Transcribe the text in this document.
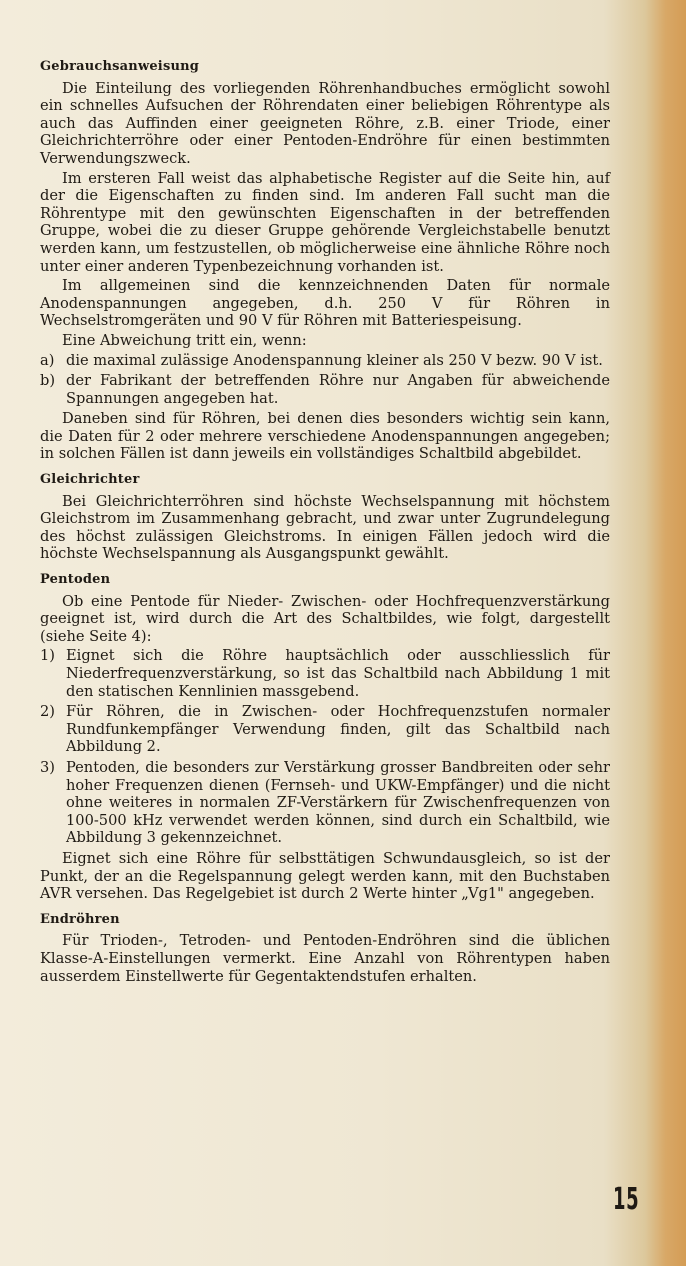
Gebrauchsanweisung

Die Einteilung des vorliegenden Röhrenhandbuches ermöglicht sowohl ein schnelles Aufsuchen der Röhrendaten einer beliebigen Röhrentype als auch das Auffinden einer geeigneten Röhre, z.B. einer Triode, einer Gleichrichterröhre oder einer Pentoden-Endröhre für einen bestimmten Verwendungszweck.

Im ersteren Fall weist das alphabetische Register auf die Seite hin, auf der die Eigenschaften zu finden sind. Im anderen Fall sucht man die Röhrentype mit den gewünschten Eigenschaften in der betreffenden Gruppe, wobei die zu dieser Gruppe gehörende Vergleichstabelle benutzt werden kann, um festzustellen, ob möglicherweise eine ähnliche Röhre noch unter einer anderen Typenbezeichnung vorhanden ist.

Im allgemeinen sind die kennzeichnenden Daten für normale Anodenspannungen angegeben, d.h. 250 V für Röhren in Wechselstromgeräten und 90 V für Röhren mit Batteriespeisung.

Eine Abweichung tritt ein, wenn:

a) die maximal zulässige Anodenspannung kleiner als 250 V bezw. 90 V ist.
b) der Fabrikant der betreffenden Röhre nur Angaben für abweichende Spannungen angegeben hat.

Daneben sind für Röhren, bei denen dies besonders wichtig sein kann, die Daten für 2 oder mehrere verschiedene Anodenspannungen angegeben; in solchen Fällen ist dann jeweils ein vollständiges Schaltbild abgebildet.

Gleichrichter

Bei Gleichrichterröhren sind höchste Wechselspannung mit höchstem Gleichstrom im Zusammenhang gebracht, und zwar unter Zugrundelegung des höchst zulässigen Gleichstroms. In einigen Fällen jedoch wird die höchste Wechselspannung als Ausgangspunkt gewählt.

Pentoden

Ob eine Pentode für Nieder- Zwischen- oder Hochfrequenzverstärkung geeignet ist, wird durch die Art des Schaltbildes, wie folgt, dargestellt (siehe Seite 4):

1) Eignet sich die Röhre hauptsächlich oder ausschliesslich für Niederfrequenzverstärkung, so ist das Schaltbild nach Abbildung 1 mit den statischen Kennlinien massgebend.
2) Für Röhren, die in Zwischen- oder Hochfrequenzstufen normaler Rundfunkempfänger Verwendung finden, gilt das Schaltbild nach Abbildung 2.
3) Pentoden, die besonders zur Verstärkung grosser Bandbreiten oder sehr hoher Frequenzen dienen (Fernseh- und UKW-Empfänger) und die nicht ohne weiteres in normalen ZF-Verstärkern für Zwischenfrequenzen von 100-500 kHz verwendet werden können, sind durch ein Schaltbild, wie Abbildung 3 gekennzeichnet.

Eignet sich eine Röhre für selbsttätigen Schwundausgleich, so ist der Punkt, der an die Regelspannung gelegt werden kann, mit den Buchstaben AVR versehen. Das Regelgebiet ist durch 2 Werte hinter „Vg1" angegeben.

Endröhren

Für Trioden-, Tetroden- und Pentoden-Endröhren sind die üblichen Klasse-A-Einstellungen vermerkt. Eine Anzahl von Röhrentypen haben ausserdem Einstellwerte für Gegentaktendstufen erhalten.

15
